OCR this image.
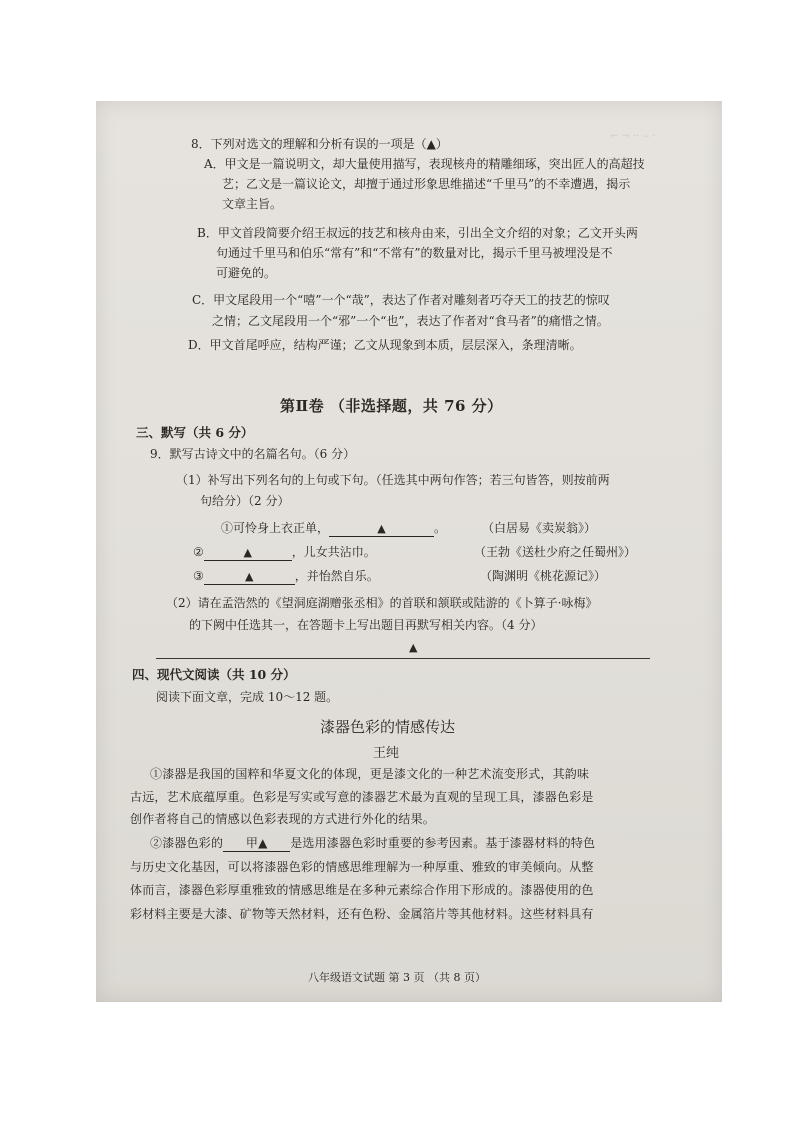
⌐ ¬ ·· ‐‐ ·
8．下列对选文的理解和分析有误的一项是（▲）
A．甲文是一篇说明文，却大量使用描写，表现核舟的精雕细琢，突出匠人的高超技
艺；乙文是一篇议论文，却擅于通过形象思维描述“千里马”的不幸遭遇，揭示
文章主旨。
B．甲文首段简要介绍王叔远的技艺和核舟由来，引出全文介绍的对象；乙文开头两
句通过千里马和伯乐“常有”和“不常有”的数量对比，揭示千里马被埋没是不
可避免的。
C．甲文尾段用一个“嘻”一个“哉”，表达了作者对雕刻者巧夺天工的技艺的惊叹
之情；乙文尾段用一个“邪”一个“也”，表达了作者对“食马者”的痛惜之情。
D．甲文首尾呼应，结构严谨；乙文从现象到本质，层层深入，条理清晰。
第Ⅱ卷 （非选择题，共 76 分）
三、默写（共 6 分）
9．默写古诗文中的名篇名句。（6 分）
（1）补写出下列名句的上句或下句。（任选其中两句作答；若三句皆答，则按前两
句给分）（2 分）
①可怜身上衣正单，	▲	。	（白居易《卖炭翁》）
②	▲	，儿女共沾巾。	（王勃《送杜少府之任蜀州》）
③	▲	，并怡然自乐。	（陶渊明《桃花源记》）
（2）请在孟浩然的《望洞庭湖赠张丞相》的首联和颔联或陆游的《卜算子·咏梅》
的下阙中任选其一，在答题卡上写出题目再默写相关内容。（4 分）
▲
四、现代文阅读（共 10 分）
阅读下面文章，完成 10～12 题。
漆器色彩的情感传达
王纯
①漆器是我国的国粹和华夏文化的体现，更是漆文化的一种艺术流变形式，其韵味
古远，艺术底蕴厚重。色彩是写实或写意的漆器艺术最为直观的呈现工具，漆器色彩是
创作者将自己的情感以色彩表现的方式进行外化的结果。
②漆器色彩的 甲▲ 是选用漆器色彩时重要的参考因素。基于漆器材料的特色
与历史文化基因，可以将漆器色彩的情感思维理解为一种厚重、雅致的审美倾向。从整
体而言，漆器色彩厚重雅致的情感思维是在多种元素综合作用下形成的。漆器使用的色
彩材料主要是大漆、矿物等天然材料，还有色粉、金属箔片等其他材料。这些材料具有
八年级语文试题 第 3 页 （共 8 页）
